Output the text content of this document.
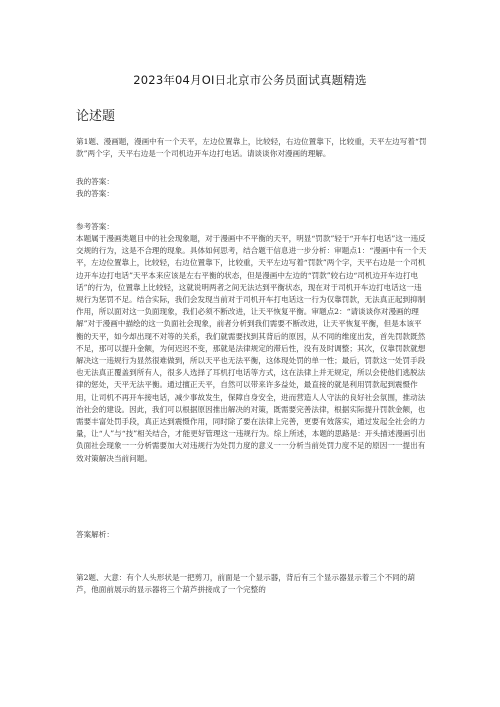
2023年04月OI日北京市公务员面试真题精选
论述题

第1题、漫画题，漫画中有一个天平，左边位置靠上，比较轻，右边位置靠下，比较重，天平左边写着“罚款”两个字，天平右边是一个司机边开车边打电话。请谈谈你对漫画的理解。

我的答案：

我的答案：

参考答案：

本题属于漫画类题目中的社会现象题，对于漫画中不平衡的天平，明显“罚款”轻于“开车打电话”这一违反交规的行为，这是不合理的现象。具体如何思考，结合题干信息进一步分析：审题点1：“漫画中有一个天平，左边位置靠上，比较轻，右边位置靠下，比较重，天平左边写着“罚款”两个字，天平右边是一个司机边开车边打电话”天平本来应该是左右平衡的状态，但是漫画中左边的“罚款”较右边“司机边开车边打电话”的行为，位置靠上比较轻，这就说明两者之间无法达到平衡状态，现在对于司机开车边打电话这一违规行为惩罚不足。结合实际，我们会发现当前对于司机开车打电话这一行为仅靠罚款，无法真正起到抑制作用，所以面对这一负面现象，我们必须不断改进，让天平恢复平衡。审题点2：“请谈谈你对漫画的理解”对于漫画中描绘的这一负面社会现象，前者分析到我们需要不断改进，让天平恢复平衡，但是本该平衡的天平，如今却出现不对等的关系，我们就需要找到其背后的原因，从不同的维度出发，首先罚款既然不足，那可以提升金额，为何迟迟不变，那就是法律规定的滞后性，没有及时调整；其次，仅靠罚款就想解决这一违规行为显然很难做到，所以天平也无法平衡，这体现处罚的单一性；最后，罚款这一处罚手段也无法真正覆盖到所有人，很多人选择了耳机打电话等方式，这在法律上并无规定，所以会使他们逃脱法律的惩处，天平无法平衡。通过擅正天平，自然可以带来许多益处，最直接的就是利用罚款起到震慑作用，让司机不再开车接电话，减少事故发生，保障自身安全，进而营造人人守法的良好社会氛围，推动法治社会的建设。因此，我们可以根据原因推出解决的对策，既需要完善法律，根据实际提升罚款金额，也需要丰富处罚手段，真正达到震慑作用，同时除了要在法律上完善，更要有效落实，通过发起全社会的力量，让“人”与“技”相关结合，才能更好管理这一违规行为。综上所述，本题的思路是：开头描述漫画引出负面社会现象一一分析需要加大对违规行为处罚力度的意义一一分析当前处罚力度不足的原因一一提出有效对策解决当前问题。

答案解析：

第2题、大意：有个人头形状是一把剪刀，前面是一个显示器，背后有三个显示器显示着三个不同的葫芦，他面前展示的显示器将三个葫芦拼接成了一个完整的
